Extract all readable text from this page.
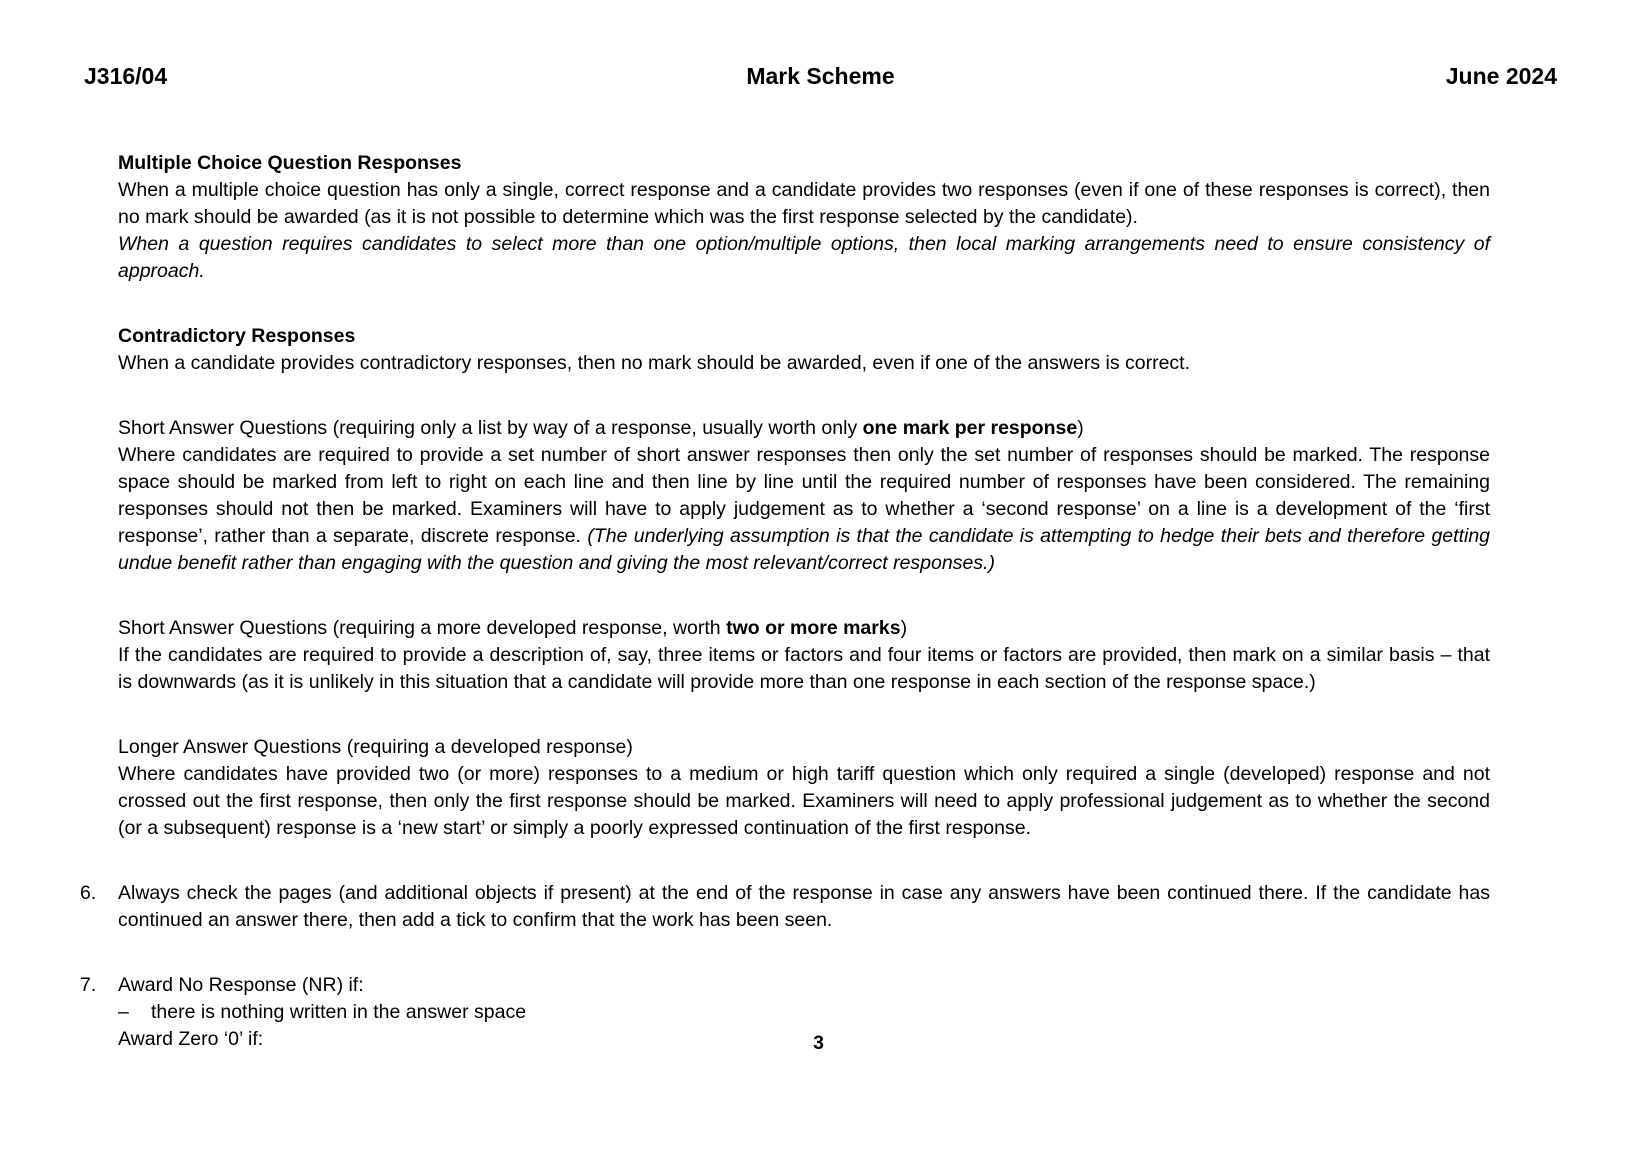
J316/04	Mark Scheme	June 2024
Multiple Choice Question Responses

When a multiple choice question has only a single, correct response and a candidate provides two responses (even if one of these responses is correct), then no mark should be awarded (as it is not possible to determine which was the first response selected by the candidate).

When a question requires candidates to select more than one option/multiple options, then local marking arrangements need to ensure consistency of approach.

Contradictory Responses

When a candidate provides contradictory responses, then no mark should be awarded, even if one of the answers is correct.

Short Answer Questions (requiring only a list by way of a response, usually worth only one mark per response)

Where candidates are required to provide a set number of short answer responses then only the set number of responses should be marked. The response space should be marked from left to right on each line and then line by line until the required number of responses have been considered. The remaining responses should not then be marked. Examiners will have to apply judgement as to whether a ‘second response’ on a line is a development of the ‘first response’, rather than a separate, discrete response. (The underlying assumption is that the candidate is attempting to hedge their bets and therefore getting undue benefit rather than engaging with the question and giving the most relevant/correct responses.)

Short Answer Questions (requiring a more developed response, worth two or more marks)

If the candidates are required to provide a description of, say, three items or factors and four items or factors are provided, then mark on a similar basis – that is downwards (as it is unlikely in this situation that a candidate will provide more than one response in each section of the response space.)

Longer Answer Questions (requiring a developed response)

Where candidates have provided two (or more) responses to a medium or high tariff question which only required a single (developed) response and not crossed out the first response, then only the first response should be marked. Examiners will need to apply professional judgement as to whether the second (or a subsequent) response is a ‘new start’ or simply a poorly expressed continuation of the first response.

6.	Always check the pages (and additional objects if present) at the end of the response in case any answers have been continued there. If the candidate has continued an answer there, then add a tick to confirm that the work has been seen.

7.	Award No Response (NR) if:
–	there is nothing written in the answer space
Award Zero ‘0’ if:	3
